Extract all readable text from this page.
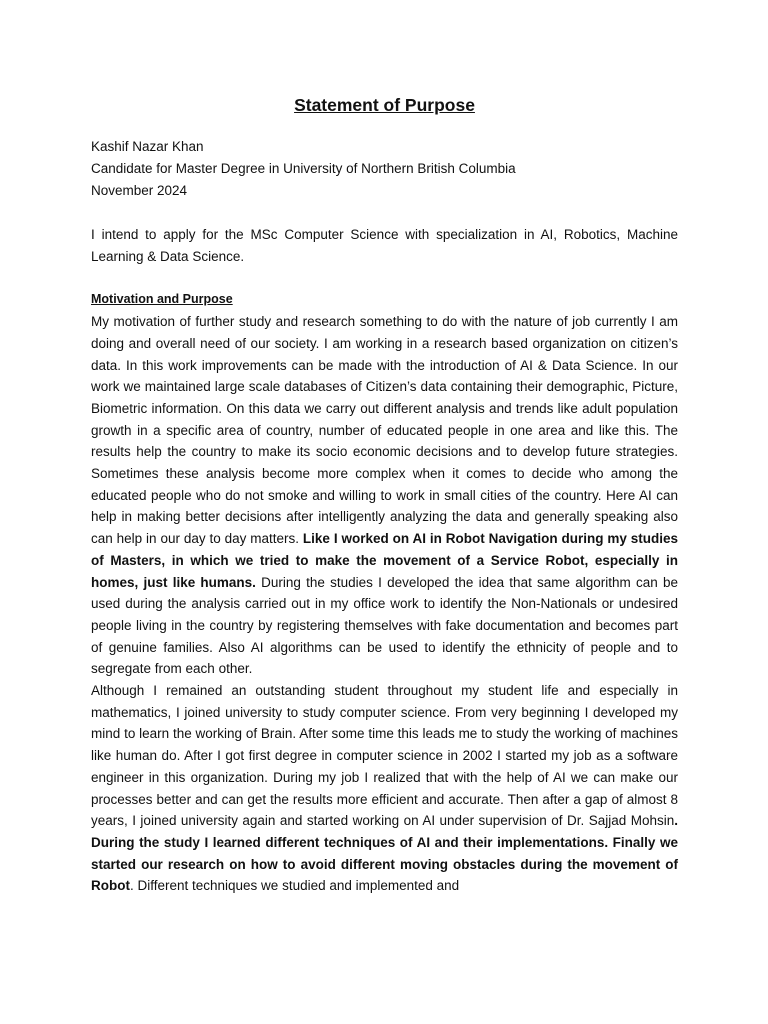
Statement of Purpose

Kashif Nazar Khan

Candidate for Master Degree in University of Northern British Columbia

November 2024

I intend to apply for the MSc Computer Science with specialization in AI, Robotics, Machine Learning & Data Science.

Motivation and Purpose

My motivation of further study and research something to do with the nature of job currently I am doing and overall need of our society. I am working in a research based organization on citizen’s data. In this work improvements can be made with the introduction of AI & Data Science. In our work we maintained large scale databases of Citizen’s data containing their demographic, Picture, Biometric information. On this data we carry out different analysis and trends like adult population growth in a specific area of country, number of educated people in one area and like this. The results help the country to make its socio economic decisions and to develop future strategies. Sometimes these analysis become more complex when it comes to decide who among the educated people who do not smoke and willing to work in small cities of the country. Here AI can help in making better decisions after intelligently analyzing the data and generally speaking also can help in our day to day matters. Like I worked on AI in Robot Navigation during my studies of Masters, in which we tried to make the movement of a Service Robot, especially in homes, just like humans. During the studies I developed the idea that same algorithm can be used during the analysis carried out in my office work to identify the Non-Nationals or undesired people living in the country by registering themselves with fake documentation and becomes part of genuine families. Also AI algorithms can be used to identify the ethnicity of people and to segregate from each other.

Although I remained an outstanding student throughout my student life and especially in mathematics, I joined university to study computer science. From very beginning I developed my mind to learn the working of Brain. After some time this leads me to study the working of machines like human do. After I got first degree in computer science in 2002 I started my job as a software engineer in this organization. During my job I realized that with the help of AI we can make our processes better and can get the results more efficient and accurate. Then after a gap of almost 8 years, I joined university again and started working on AI under supervision of Dr. Sajjad Mohsin. During the study I learned different techniques of AI and their implementations. Finally we started our research on how to avoid different moving obstacles during the movement of Robot. Different techniques we studied and implemented and
